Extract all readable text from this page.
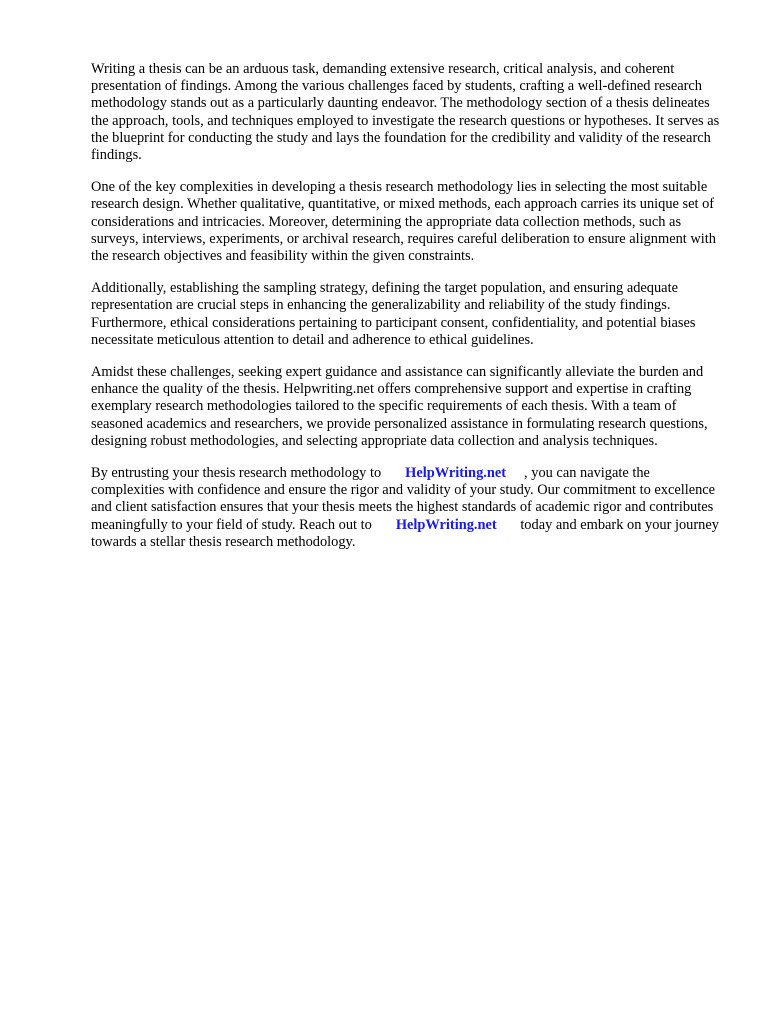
Writing a thesis can be an arduous task, demanding extensive research, critical analysis, and coherent presentation of findings. Among the various challenges faced by students, crafting a well-defined research methodology stands out as a particularly daunting endeavor. The methodology section of a thesis delineates the approach, tools, and techniques employed to investigate the research questions or hypotheses. It serves as the blueprint for conducting the study and lays the foundation for the credibility and validity of the research findings.

One of the key complexities in developing a thesis research methodology lies in selecting the most suitable research design. Whether qualitative, quantitative, or mixed methods, each approach carries its unique set of considerations and intricacies. Moreover, determining the appropriate data collection methods, such as surveys, interviews, experiments, or archival research, requires careful deliberation to ensure alignment with the research objectives and feasibility within the given constraints.

Additionally, establishing the sampling strategy, defining the target population, and ensuring adequate representation are crucial steps in enhancing the generalizability and reliability of the study findings. Furthermore, ethical considerations pertaining to participant consent, confidentiality, and potential biases necessitate meticulous attention to detail and adherence to ethical guidelines.

Amidst these challenges, seeking expert guidance and assistance can significantly alleviate the burden and enhance the quality of the thesis. Helpwriting.net offers comprehensive support and expertise in crafting exemplary research methodologies tailored to the specific requirements of each thesis. With a team of seasoned academics and researchers, we provide personalized assistance in formulating research questions, designing robust methodologies, and selecting appropriate data collection and analysis techniques.

By entrusting your thesis research methodology to HelpWriting.net , you can navigate the complexities with confidence and ensure the rigor and validity of your study. Our commitment to excellence and client satisfaction ensures that your thesis meets the highest standards of academic rigor and contributes meaningfully to your field of study. Reach out to HelpWriting.net today and embark on your journey towards a stellar thesis research methodology.
